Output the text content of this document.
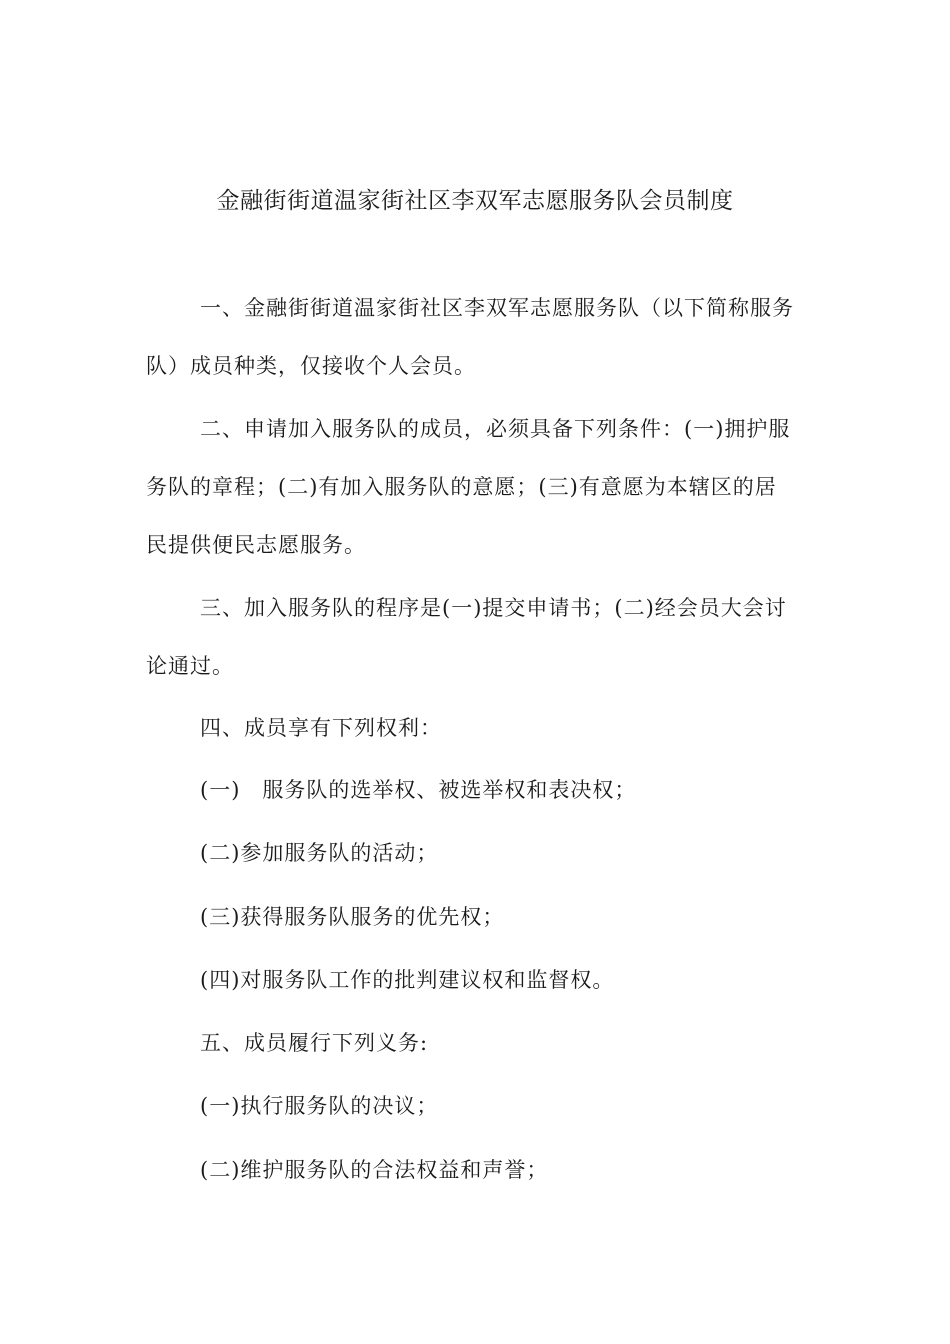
金融街街道温家街社区李双军志愿服务队会员制度

一、金融街街道温家街社区李双军志愿服务队（以下简称服务
队）成员种类，仅接收个人会员。

二、申请加入服务队的成员，必须具备下列条件：(一)拥护服
务队的章程；(二)有加入服务队的意愿；(三)有意愿为本辖区的居
民提供便民志愿服务。

三、加入服务队的程序是(一)提交申请书；(二)经会员大会讨
论通过。

四、成员享有下列权利：

(一)　服务队的选举权、被选举权和表决权；

(二)参加服务队的活动；

(三)获得服务队服务的优先权；

(四)对服务队工作的批判建议权和监督权。

五、成员履行下列义务:

(一)执行服务队的决议；

(二)维护服务队的合法权益和声誉；
